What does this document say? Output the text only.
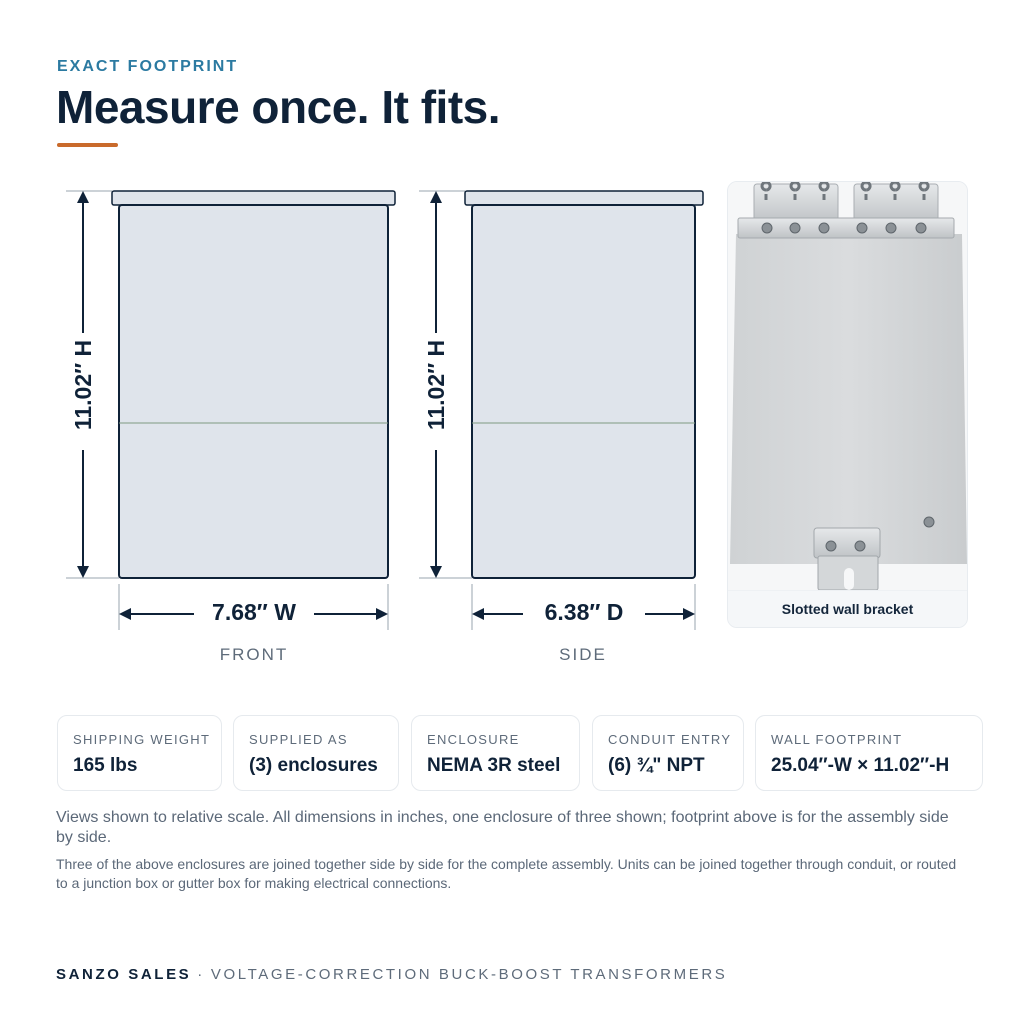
EXACT FOOTPRINT
Measure once. It fits.
11.02″ H
7.68″ W
11.02″ H
6.38″ D
FRONT	SIDE
Slotted wall bracket
SHIPPING WEIGHT
165 lbs
SUPPLIED AS
(3) enclosures
ENCLOSURE
NEMA 3R steel
CONDUIT ENTRY
(6) ¾" NPT
WALL FOOTPRINT
25.04″-W × 11.02″-H

Views shown to relative scale. All dimensions in inches, one enclosure of three shown; footprint above is for the assembly side by side.

Three of the above enclosures are joined together side by side for the complete assembly. Units can be joined together through conduit, or routed to a junction box or gutter box for making electrical connections.

SANZO SALES · VOLTAGE-CORRECTION BUCK-BOOST TRANSFORMERS
